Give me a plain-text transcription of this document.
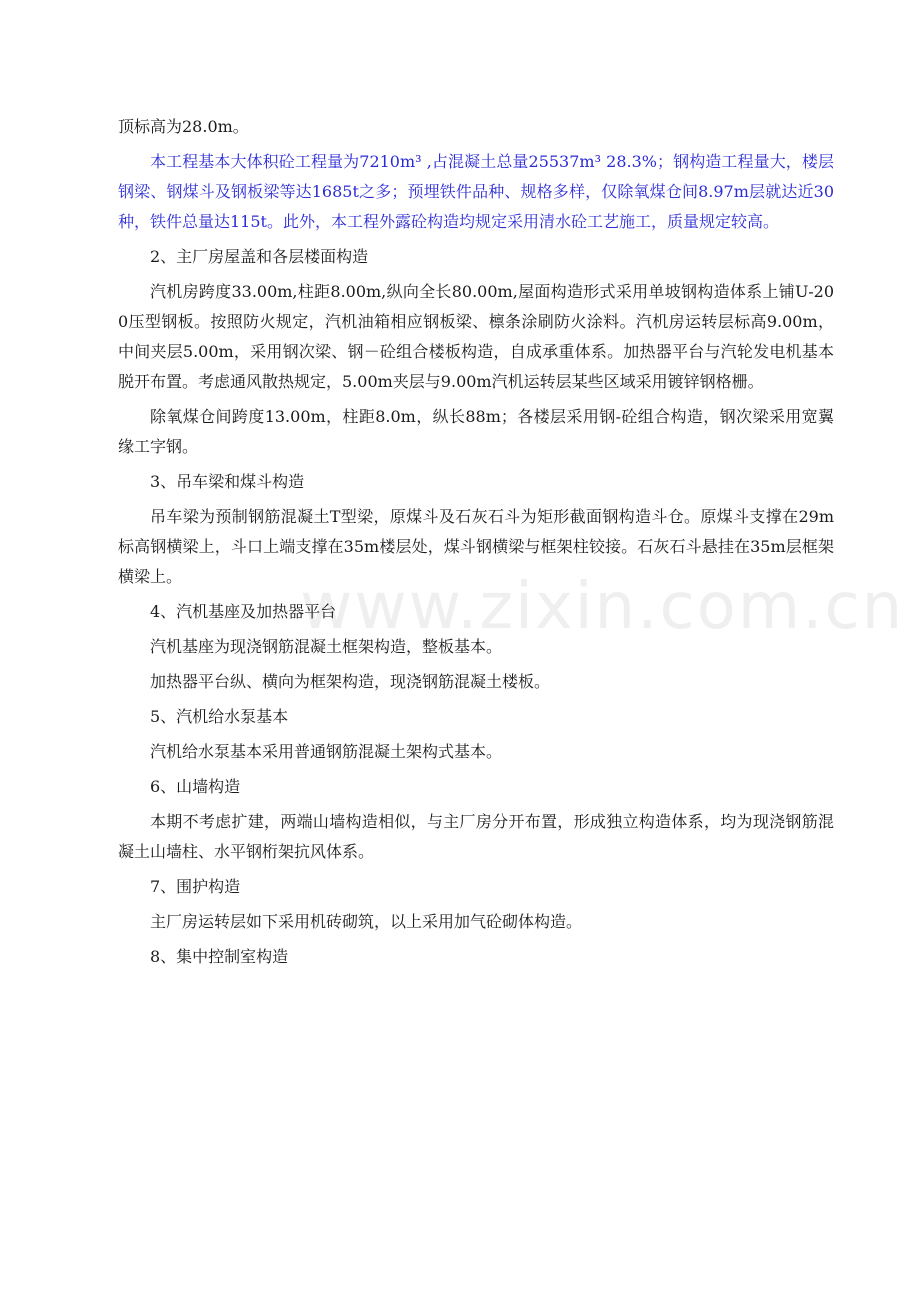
www.zixin.com.cn

顶标高为28.0m。

本工程基本大体积砼工程量为7210m³ ,占混凝土总量25537m³ 28.3%；钢构造工程量大，楼层钢梁、钢煤斗及钢板梁等达1685t之多；预埋铁件品种、规格多样，仅除氧煤仓间8.97m层就达近30种，铁件总量达115t。此外，本工程外露砼构造均规定采用清水砼工艺施工，质量规定较高。

2、主厂房屋盖和各层楼面构造

汽机房跨度33.00m,柱距8.00m,纵向全长80.00m,屋面构造形式采用单坡钢构造体系上铺U-200压型钢板。按照防火规定，汽机油箱相应钢板梁、檩条涂刷防火涂料。汽机房运转层标高9.00m，中间夹层5.00m，采用钢次梁、钢－砼组合楼板构造，自成承重体系。加热器平台与汽轮发电机基本脱开布置。考虑通风散热规定，5.00m夹层与9.00m汽机运转层某些区域采用镀锌钢格栅。

除氧煤仓间跨度13.00m，柱距8.0m，纵长88m；各楼层采用钢-砼组合构造，钢次梁采用宽翼缘工字钢。

3、吊车梁和煤斗构造

吊车梁为预制钢筋混凝土T型梁，原煤斗及石灰石斗为矩形截面钢构造斗仓。原煤斗支撑在29m标高钢横梁上，斗口上端支撑在35m楼层处，煤斗钢横梁与框架柱铰接。石灰石斗悬挂在35m层框架横梁上。

4、汽机基座及加热器平台

汽机基座为现浇钢筋混凝土框架构造，整板基本。

加热器平台纵、横向为框架构造，现浇钢筋混凝土楼板。

5、汽机给水泵基本

汽机给水泵基本采用普通钢筋混凝土架构式基本。

6、山墙构造

本期不考虑扩建，两端山墙构造相似，与主厂房分开布置，形成独立构造体系，均为现浇钢筋混凝土山墙柱、水平钢桁架抗风体系。

7、围护构造

主厂房运转层如下采用机砖砌筑，以上采用加气砼砌体构造。

8、集中控制室构造
